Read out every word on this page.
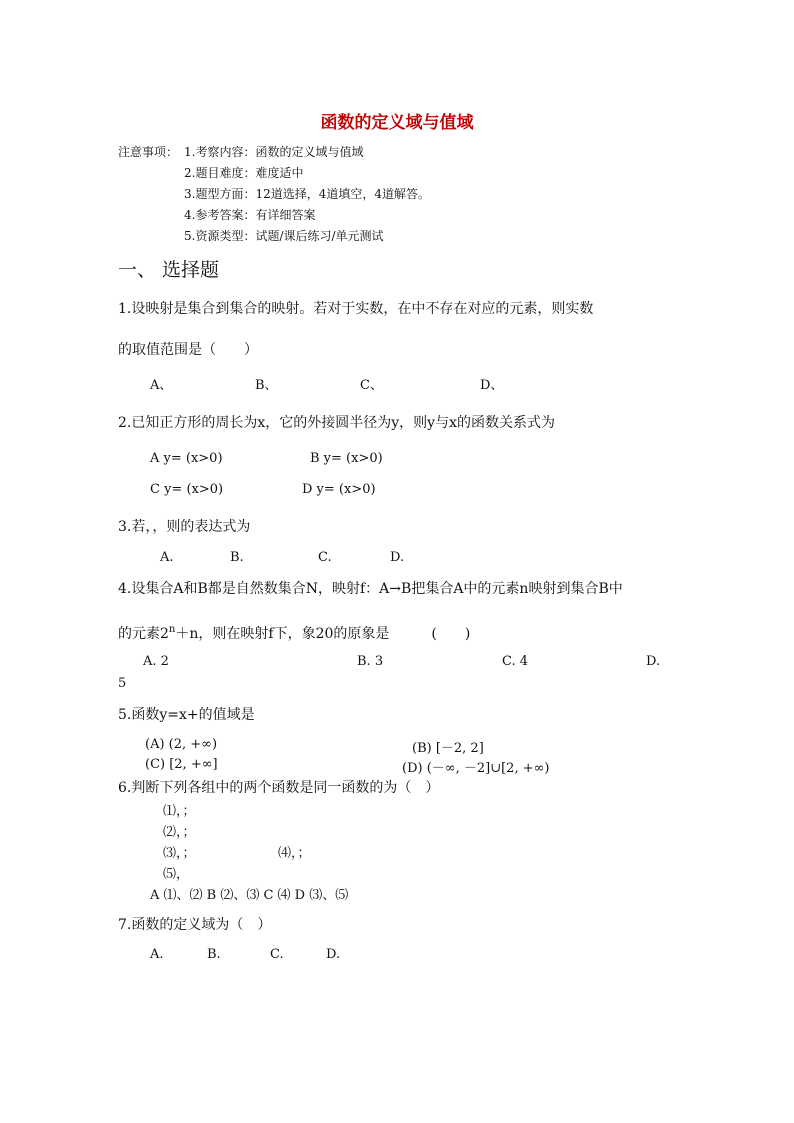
函数的定义域与值域
注意事项： 1.考察内容：函数的定义域与值域
2.题目难度：难度适中
3.题型方面：12道选择，4道填空，4道解答。
4.参考答案：有详细答案
5.资源类型：试题/课后练习/单元测试
一、 选择题
1.设映射是集合到集合的映射。若对于实数，在中不存在对应的元素，则实数
的取值范围是（　　）
A、	B、	C、	D、
2.已知正方形的周长为x，它的外接圆半径为y，则y与x的函数关系式为
A y= (x>0)	B y= (x>0)
C y= (x>0)	D y= (x>0)
3.若，，则的表达式为
A.	B.	C.	D.
4.设集合A和B都是自然数集合N，映射f：A→B把集合A中的元素n映射到集合B中
的元素$2^n+n$，则在映射f下，象20的原象是　　　(　　)
A. 2	B. 3	C. 4	D.
5
5.函数y=x+的值域是
(A) (2, +∞)	(B) [－2, 2]
(C) [2, +∞]	(D) (－∞, －2]∪[2, +∞)
6.判断下列各组中的两个函数是同一函数的为（　）
⑴，；
⑵，；
⑶，；	⑷，；
⑸，
A ⑴、⑵ B ⑵、⑶ C ⑷ D ⑶、⑸
7.函数的定义域为（　）
A.	B.	C.	D.
